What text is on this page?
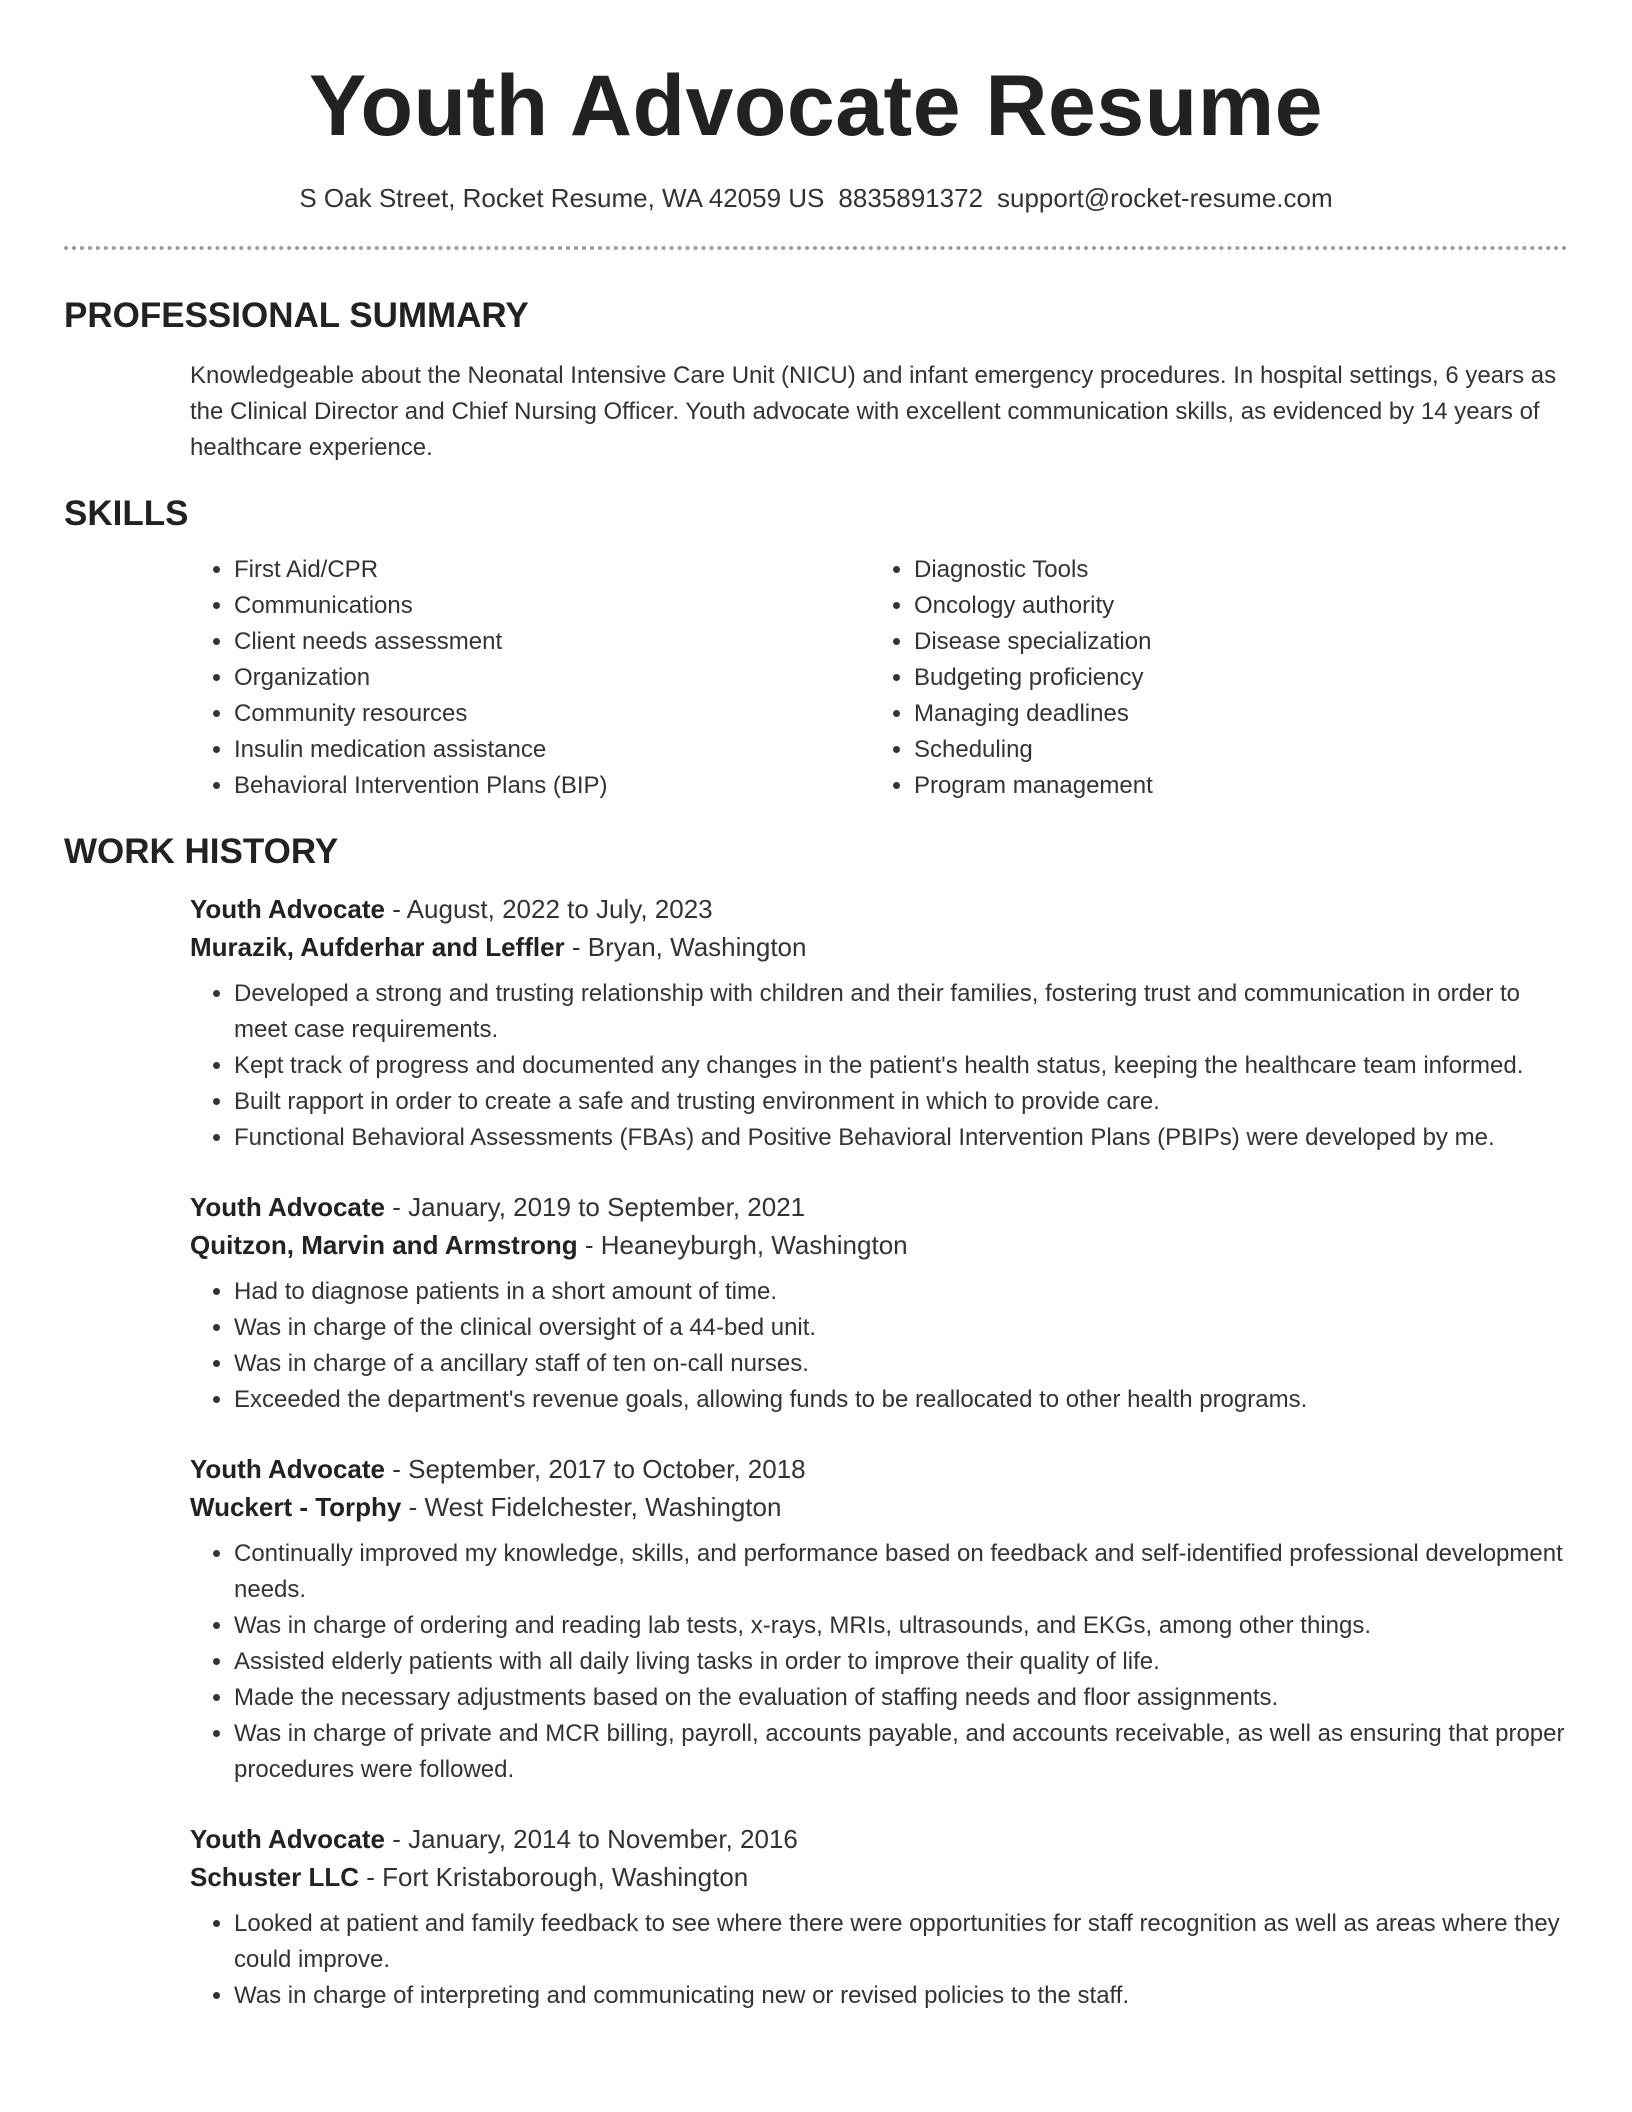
Youth Advocate Resume
S Oak Street, Rocket Resume, WA 42059 US 8835891372 support@rocket-resume.com
PROFESSIONAL SUMMARY
Knowledgeable about the Neonatal Intensive Care Unit (NICU) and infant emergency procedures. In hospital settings, 6 years as the Clinical Director and Chief Nursing Officer. Youth advocate with excellent communication skills, as evidenced by 14 years of healthcare experience.
SKILLS
• First Aid/CPR
• Communications
• Client needs assessment
• Organization
• Community resources
• Insulin medication assistance
• Behavioral Intervention Plans (BIP)
• Diagnostic Tools
• Oncology authority
• Disease specialization
• Budgeting proficiency
• Managing deadlines
• Scheduling
• Program management
WORK HISTORY
Youth Advocate - August, 2022 to July, 2023
Murazik, Aufderhar and Leffler - Bryan, Washington
• Developed a strong and trusting relationship with children and their families, fostering trust and communication in order to meet case requirements.
• Kept track of progress and documented any changes in the patient's health status, keeping the healthcare team informed.
• Built rapport in order to create a safe and trusting environment in which to provide care.
• Functional Behavioral Assessments (FBAs) and Positive Behavioral Intervention Plans (PBIPs) were developed by me.
Youth Advocate - January, 2019 to September, 2021
Quitzon, Marvin and Armstrong - Heaneyburgh, Washington
• Had to diagnose patients in a short amount of time.
• Was in charge of the clinical oversight of a 44-bed unit.
• Was in charge of a ancillary staff of ten on-call nurses.
• Exceeded the department's revenue goals, allowing funds to be reallocated to other health programs.
Youth Advocate - September, 2017 to October, 2018
Wuckert - Torphy - West Fidelchester, Washington
• Continually improved my knowledge, skills, and performance based on feedback and self-identified professional development needs.
• Was in charge of ordering and reading lab tests, x-rays, MRIs, ultrasounds, and EKGs, among other things.
• Assisted elderly patients with all daily living tasks in order to improve their quality of life.
• Made the necessary adjustments based on the evaluation of staffing needs and floor assignments.
• Was in charge of private and MCR billing, payroll, accounts payable, and accounts receivable, as well as ensuring that proper procedures were followed.
Youth Advocate - January, 2014 to November, 2016
Schuster LLC - Fort Kristaborough, Washington
• Looked at patient and family feedback to see where there were opportunities for staff recognition as well as areas where they could improve.
• Was in charge of interpreting and communicating new or revised policies to the staff.
